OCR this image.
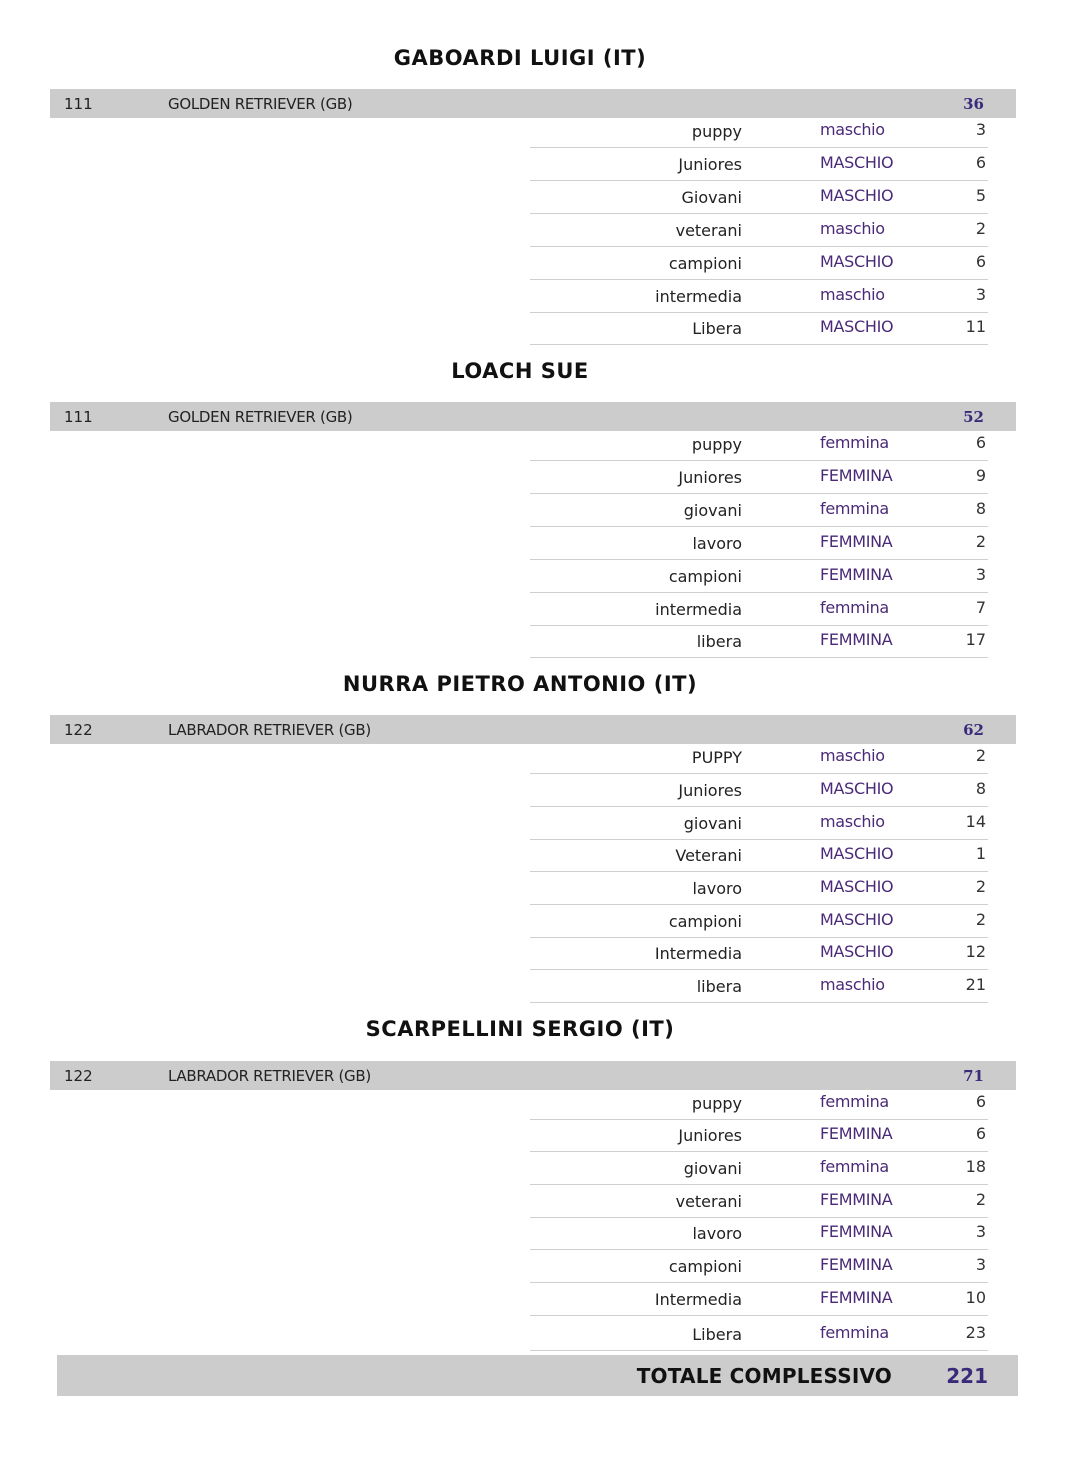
GABOARDI LUIGI (IT)
111	GOLDEN RETRIEVER (GB)	36
puppy	maschio	3
Juniores	MASCHIO	6
Giovani	MASCHIO	5
veterani	maschio	2
campioni	MASCHIO	6
intermedia	maschio	3
Libera	MASCHIO	11
LOACH SUE
111	GOLDEN RETRIEVER (GB)	52
puppy	femmina	6
Juniores	FEMMINA	9
giovani	femmina	8
lavoro	FEMMINA	2
campioni	FEMMINA	3
intermedia	femmina	7
libera	FEMMINA	17
NURRA PIETRO ANTONIO (IT)
122	LABRADOR RETRIEVER (GB)	62
PUPPY	maschio	2
Juniores	MASCHIO	8
giovani	maschio	14
Veterani	MASCHIO	1
lavoro	MASCHIO	2
campioni	MASCHIO	2
Intermedia	MASCHIO	12
libera	maschio	21
SCARPELLINI SERGIO (IT)
122	LABRADOR RETRIEVER (GB)	71
puppy	femmina	6
Juniores	FEMMINA	6
giovani	femmina	18
veterani	FEMMINA	2
lavoro	FEMMINA	3
campioni	FEMMINA	3
Intermedia	FEMMINA	10
Libera	femmina	23
TOTALE COMPLESSIVO	221
